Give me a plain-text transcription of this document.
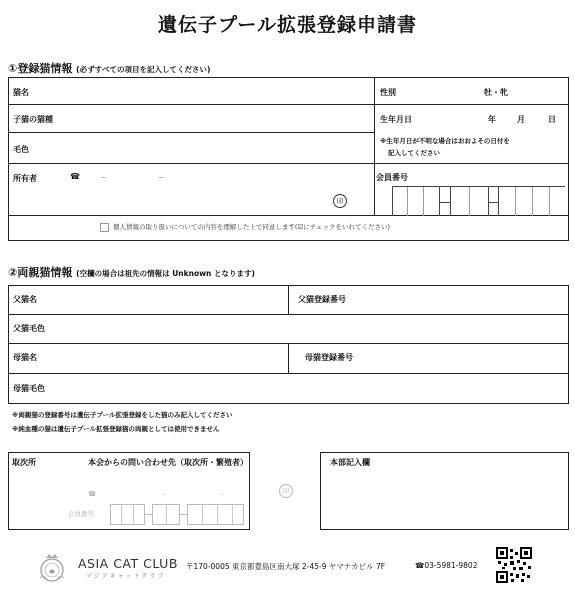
遺伝子プール拡張登録申請書
①登録猫情報 (必ずすべての項目を記入してください)
猫名	性別	牡・牝
子猫の猫種	生年月日	年	月	日
※生年月日が不明な場合はおおよその日付を
記入してください
毛色
所有者	☎	－	－
印
会員番号
個人情報の取り扱いについての内容を理解した上で同意します(☑にチェックをいれてください)
②両親猫情報 (空欄の場合は祖先の情報は Unknown となります)
父猫名	父猫登録番号
父猫毛色
母猫名	母猫登録番号
母猫毛色
※両親猫の登録番号は遺伝子プール拡張登録をした猫のみ記入してください
※純血種の猫は遺伝子プール拡張登録猫の両親としては使用できません
取次所	本会からの問い合わせ先（取次所・繁殖者）
☎	－	－
会員番号
印
本部記入欄
ASIA CAT CLUB
アジアキャットクラブ
〒170-0005 東京都豊島区南大塚 2-45-9 ヤマナカビル 7F	☎03-5981-9802
